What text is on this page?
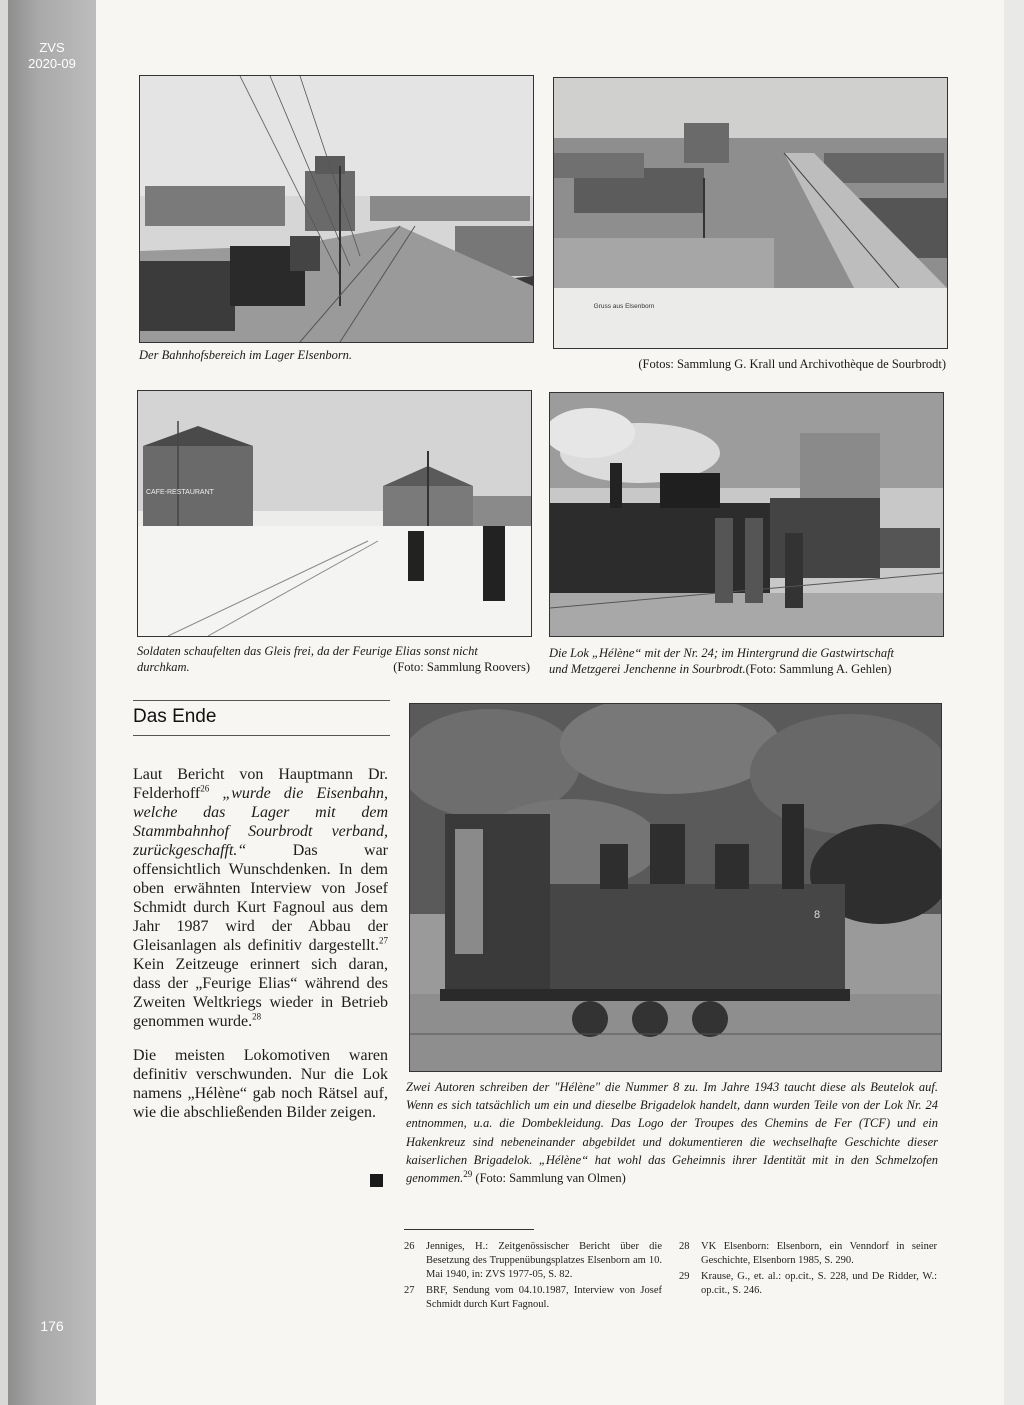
ZVS
2020-09
176
Der Bahnhofsbereich im Lager Elsenborn.
Gruss aus Elsenborn
(Fotos: Sammlung G. Krall und Archivothèque de Sourbrodt)
CAFE-RESTAURANT
Soldaten schaufelten das Gleis frei, da der Feurige Elias sonst nicht
durchkam.	(Foto: Sammlung Roovers)
Die Lok „Hélène“ mit der Nr. 24; im Hintergrund die Gastwirtschaft
und Metzgerei Jenchenne in Sourbrodt.(Foto: Sammlung A. Gehlen)
Das Ende

Laut Bericht von Hauptmann Dr. Felderhoff$^{26}$ „wurde die Eisenbahn, welche das Lager mit dem Stammbahnhof Sourbrodt verband, zurückgeschafft.“ Das war offensichtlich Wunschdenken. In dem oben erwähnten Interview von Josef Schmidt durch Kurt Fagnoul aus dem Jahr 1987 wird der Abbau der Gleisanlagen als definitiv dargestellt.$^{27}$ Kein Zeitzeuge erinnert sich daran, dass der „Feurige Elias“ während des Zweiten Weltkriegs wieder in Betrieb genommen wurde.$^{28}$

Die meisten Lokomotiven waren definitiv verschwunden. Nur die Lok namens „Hélène“ gab noch Rätsel auf, wie die abschließenden Bilder zeigen.

8
Zwei Autoren schreiben der "Hélène" die Nummer 8 zu. Im Jahre 1943 taucht diese als Beutelok auf. Wenn es sich tatsächlich um ein und dieselbe Brigadelok handelt, dann wurden Teile von der Lok Nr. 24 entnommen, u.a. die Dombekleidung. Das Logo der Troupes des Chemins de Fer (TCF) und ein Hakenkreuz sind nebeneinander abgebildet und dokumentieren die wechselhafte Geschichte dieser kaiserlichen Brigadelok. „Hélène“ hat wohl das Geheimnis ihrer Identität mit in den Schmelzofen genommen.$^{29}$ (Foto: Sammlung van Olmen)
26	Jenniges, H.: Zeitgenössischer Bericht über die Besetzung des Truppenübungsplatzes Elsenborn am 10. Mai 1940, in: ZVS 1977-05, S. 82.
27	BRF, Sendung vom 04.10.1987, Interview von Josef Schmidt durch Kurt Fagnoul.
28	VK Elsenborn: Elsenborn, ein Venndorf in seiner Geschichte, Elsenborn 1985, S. 290.
29	Krause, G., et. al.: op.cit., S. 228, und De Ridder, W.: op.cit., S. 246.
